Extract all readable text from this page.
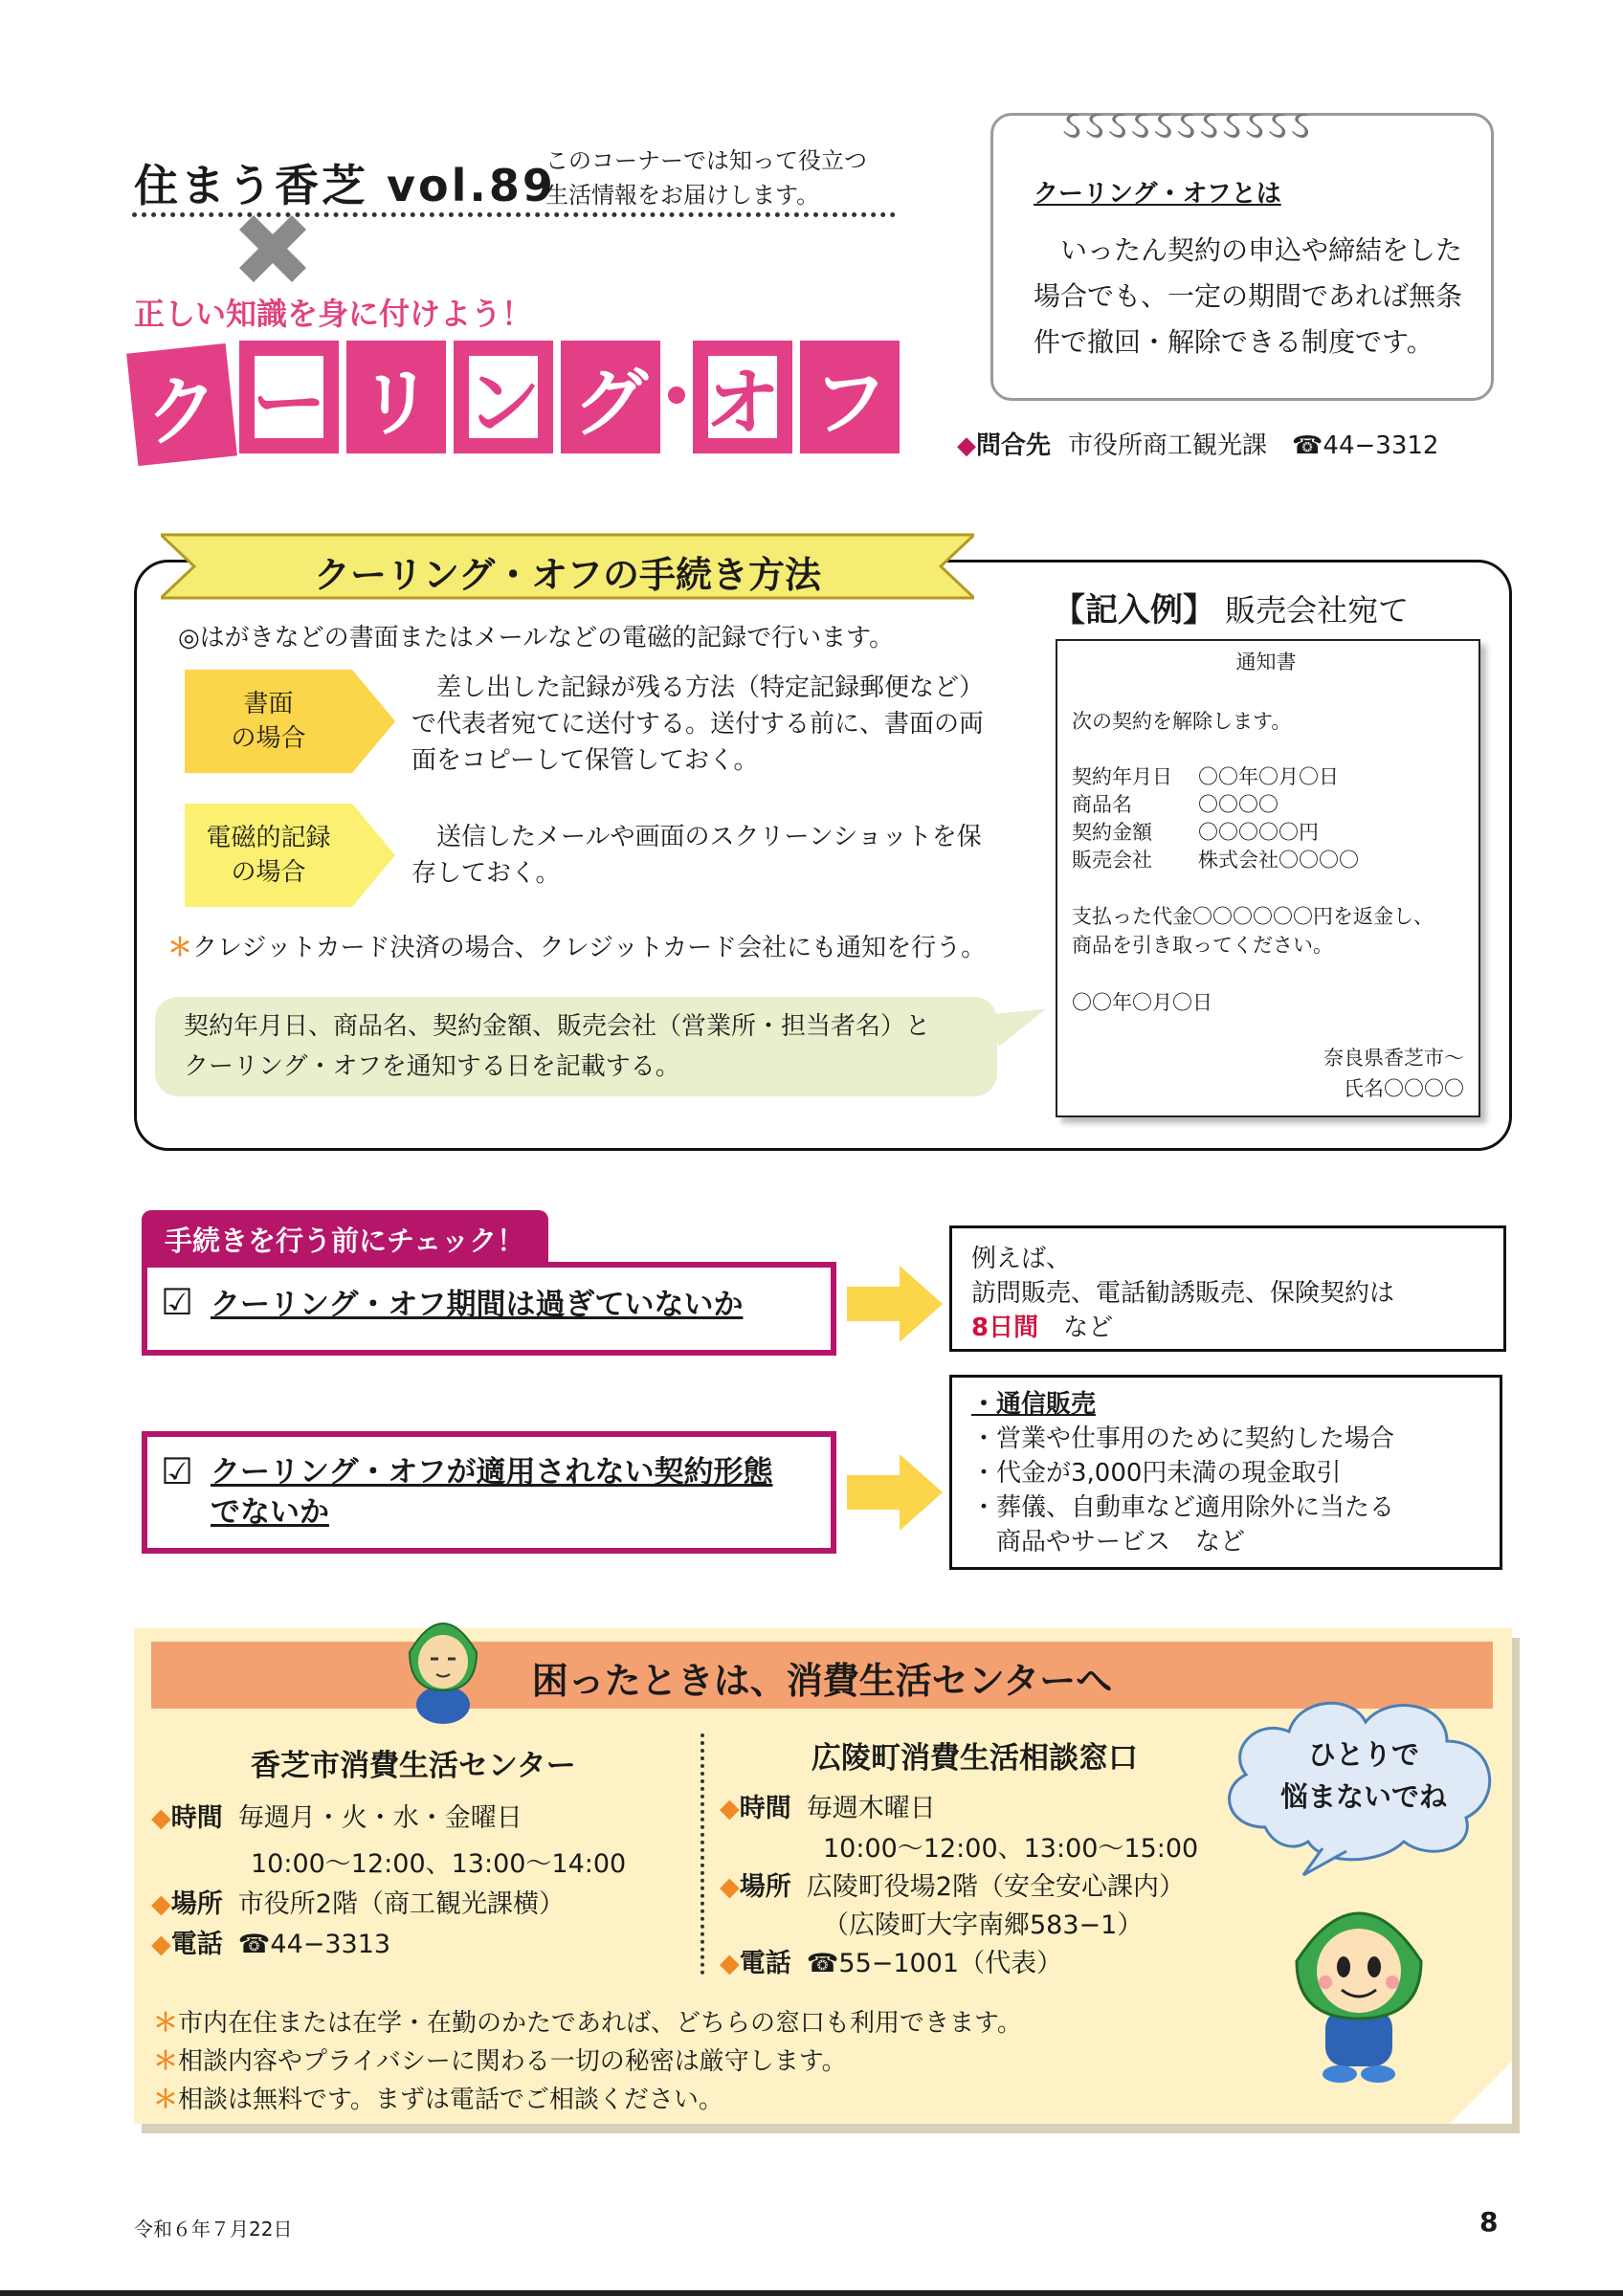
住まう香芝 vol.89
このコーナーでは知って役立つ
生活情報をお届けします。
正しい知識を身に付けよう！
ク ー リ ン グ オ フ
ઽઽઽઽઽઽઽઽઽઽઽ
クーリング・オフとは
いったん契約の申込や締結をした場合でも、一定の期間であれば無条件で撤回・解除できる制度です。
◆問合先 市役所商工観光課　 ☎44−3312
クーリング・オフの手続き方法
◎はがきなどの書面またはメールなどの電磁的記録で行います。
書面
の場合
差し出した記録が残る方法（特定記録郵便など）で代表者宛てに送付する。送付する前に、書面の両面をコピーして保管しておく。
電磁的記録
の場合
送信したメールや画面のスクリーンショットを保存しておく。
＊クレジットカード決済の場合、クレジットカード会社にも通知を行う。
契約年月日、商品名、契約金額、販売会社（営業所・担当者名）と
クーリング・オフを通知する日を記載する。
【記入例】 販売会社宛て
通知書
次の契約を解除します。
契約年月日 〇〇年〇月〇日
商品名	〇〇〇〇
契約金額 〇〇〇〇〇円
販売会社 株式会社〇〇〇〇
支払った代金〇〇〇〇〇〇円を返金し、
商品を引き取ってください。
〇〇年〇月〇日
奈良県香芝市～
氏名〇〇〇〇
手続きを行う前にチェック！
☑ クーリング・オフ期間は過ぎていないか
例えば、
訪問販売、電話勧誘販売、保険契約は
8日間　 など
☑ クーリング・オフが適用されない契約形態
でないか
・通信販売
・営業や仕事用のために契約した場合
・代金が3,000円未満の現金取引
・葬儀、自動車など適用除外に当たる
　商品やサービス　など
困ったときは、消費生活センターへ
香芝市消費生活センター
◆時間 毎週月・火・水・金曜日
10:00〜12:00、13:00〜14:00
◆場所 市役所2階（商工観光課横）
◆電話 ☎44−3313
広陵町消費生活相談窓口
◆時間 毎週木曜日
10:00〜12:00、13:00〜15:00
◆場所 広陵町役場2階（安全安心課内）
（広陵町大字南郷583−1）
◆電話 ☎55−1001（代表）
＊市内在住または在学・在勤のかたであれば、どちらの窓口も利用できます。
＊相談内容やプライバシーに関わる一切の秘密は厳守します。
＊相談は無料です。まずは電話でご相談ください。
ひとりで
悩まないでね
令和６年７月22日	8
